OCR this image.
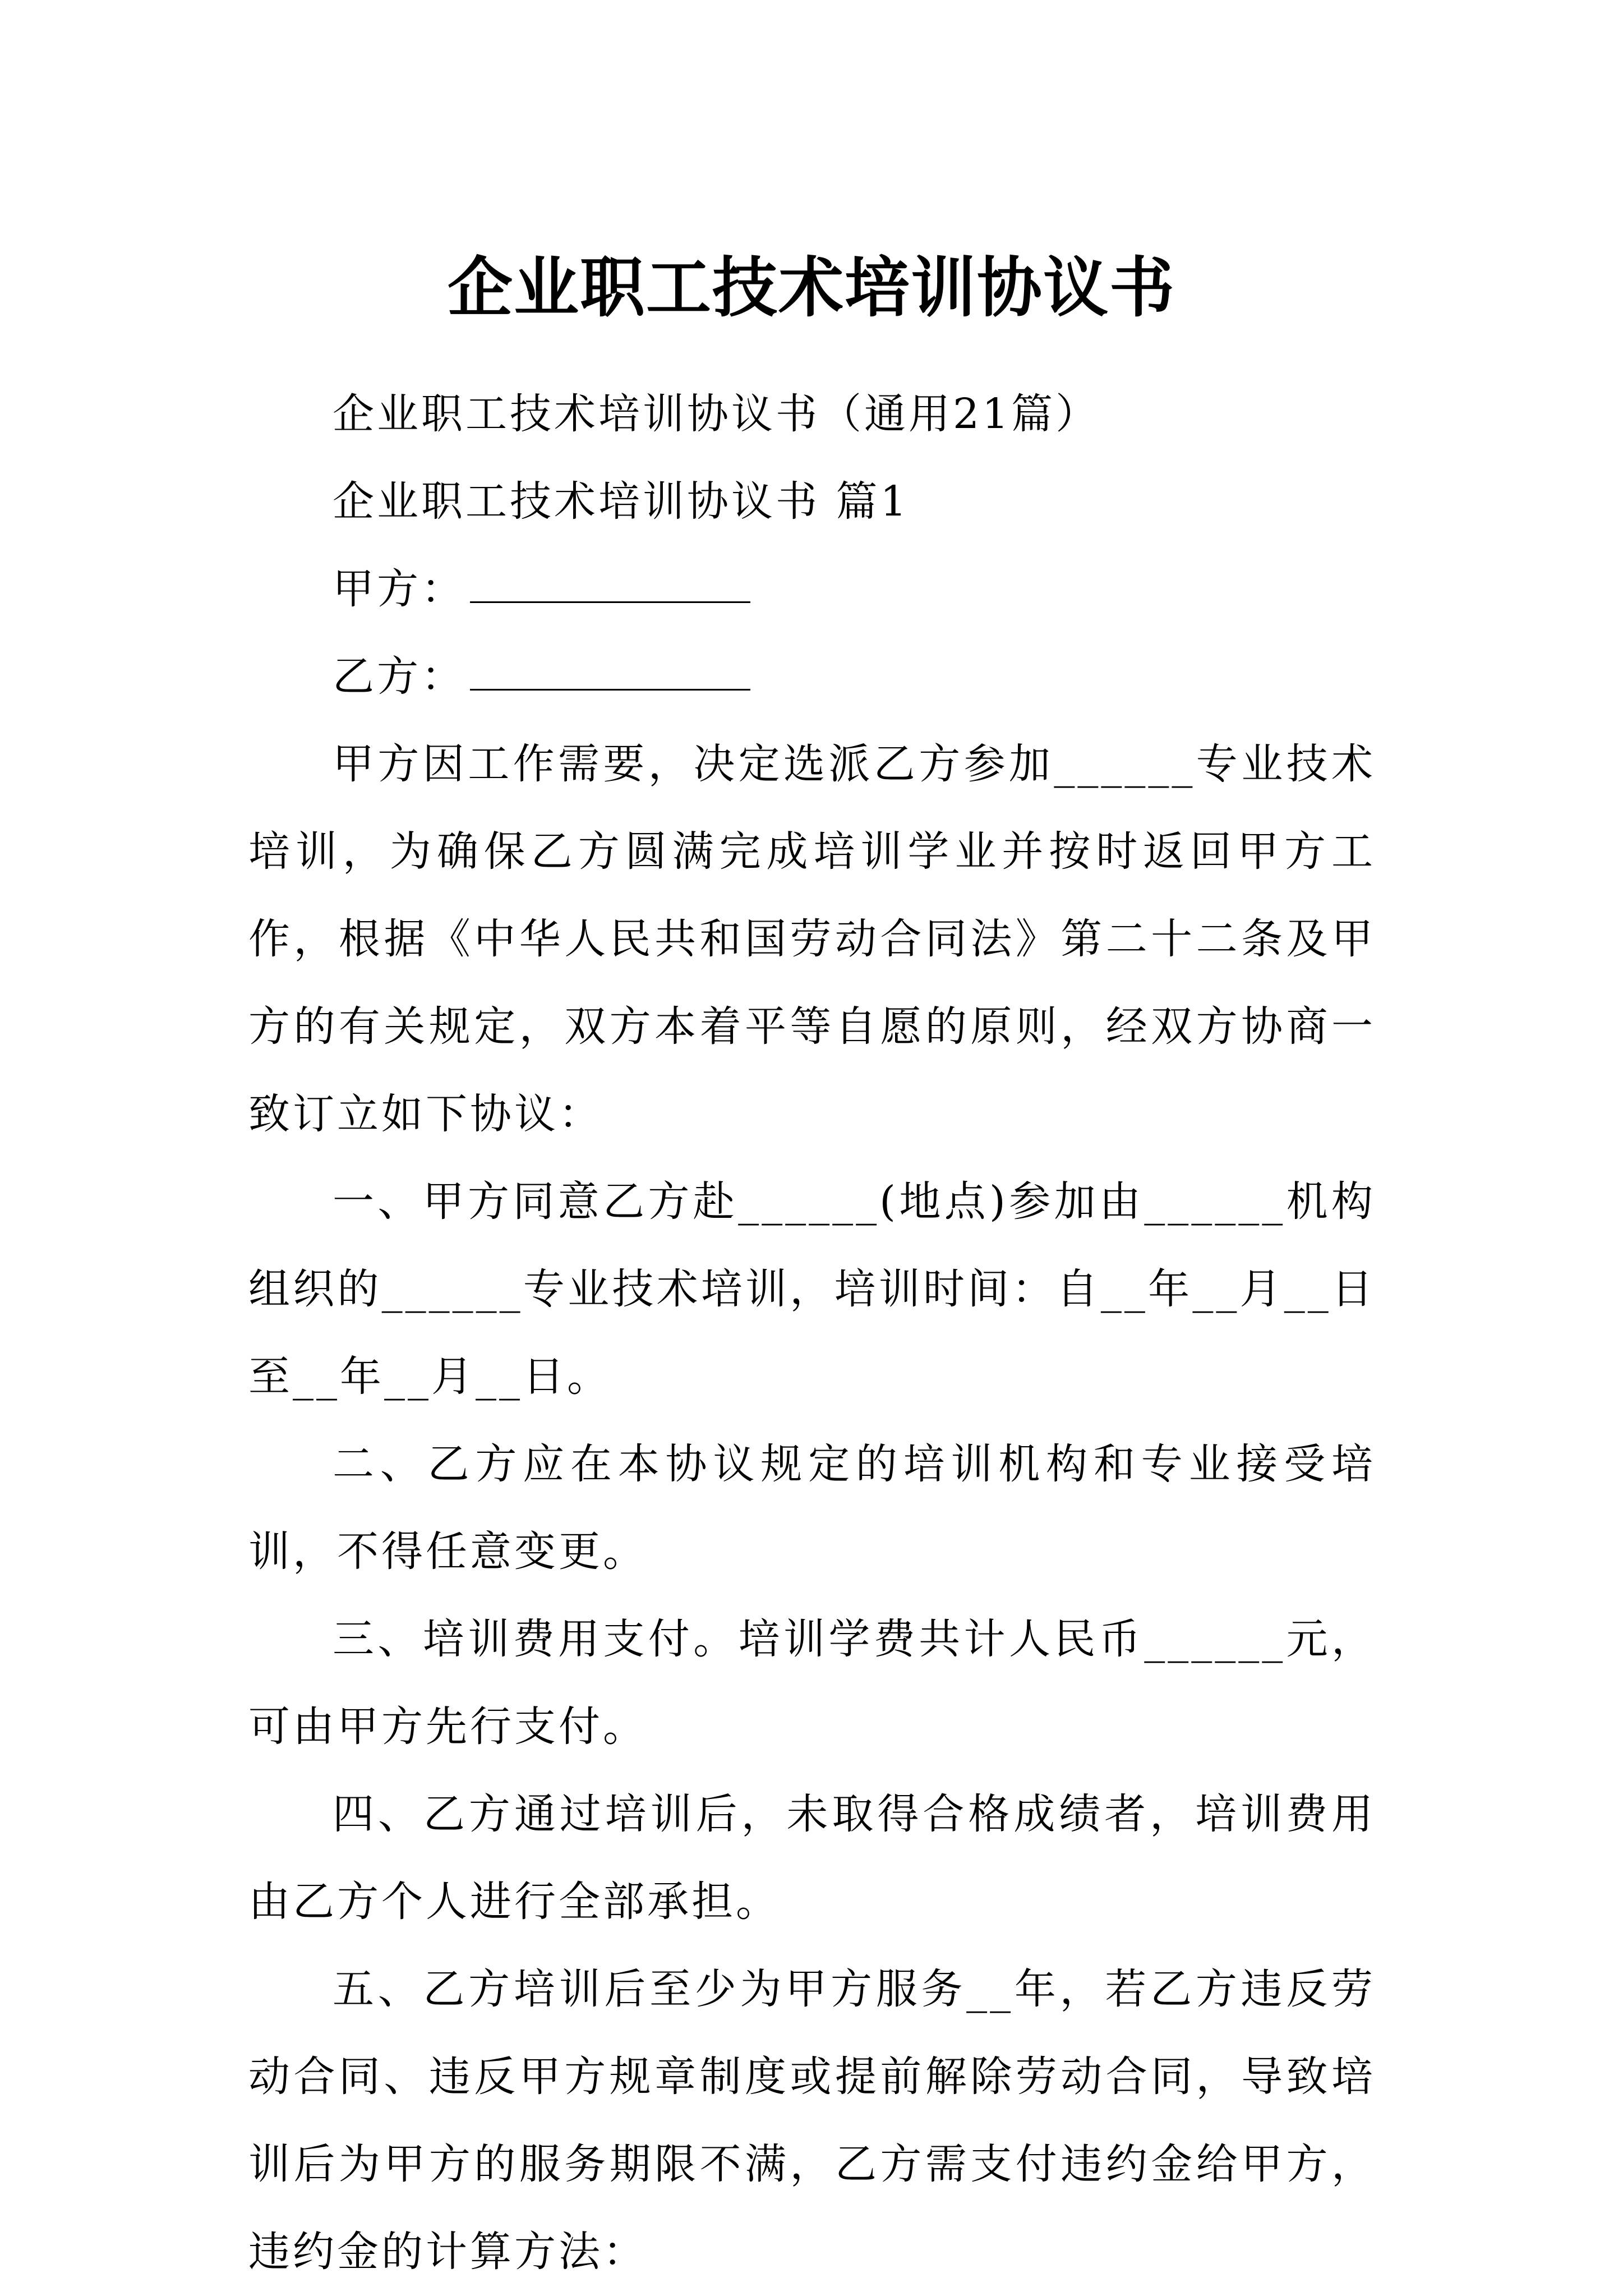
企业职工技术培训协议书

企业职工技术培训协议书（通用21篇）

企业职工技术培训协议书 篇1

甲方：

乙方：

甲方因工作需要，决定选派乙方参加______专业技术培训，为确保乙方圆满完成培训学业并按时返回甲方工作，根据《中华人民共和国劳动合同法》第二十二条及甲方的有关规定，双方本着平等自愿的原则，经双方协商一致订立如下协议：

一、甲方同意乙方赴______(地点)参加由______机构组织的______专业技术培训，培训时间：自__年__月__日至__年__月__日。

二、乙方应在本协议规定的培训机构和专业接受培训，不得任意变更。

三、培训费用支付。培训学费共计人民币______元，可由甲方先行支付。

四、乙方通过培训后，未取得合格成绩者，培训费用由乙方个人进行全部承担。

五、乙方培训后至少为甲方服务__年，若乙方违反劳动合同、违反甲方规章制度或提前解除劳动合同，导致培训后为甲方的服务期限不满，乙方需支付违约金给甲方，违约金的计算方法：
